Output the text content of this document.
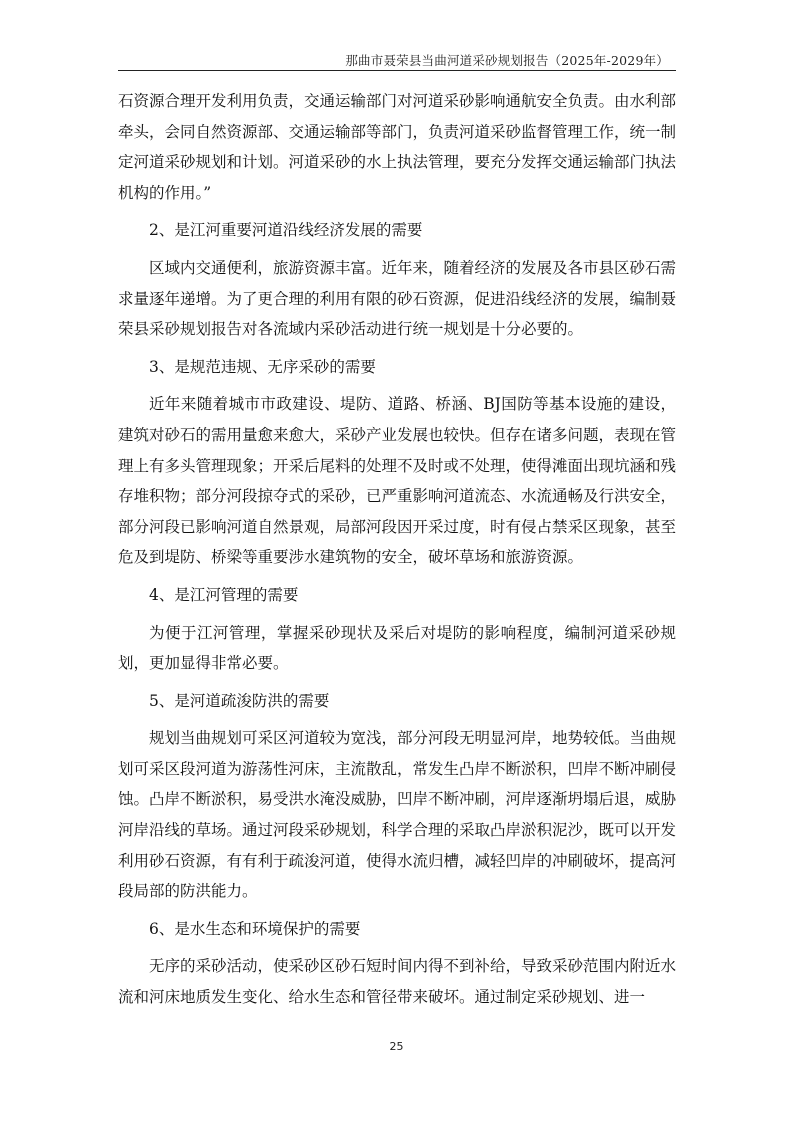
那曲市聂荣县当曲河道采砂规划报告（2025年-2029年）

石资源合理开发利用负责，交通运输部门对河道采砂影响通航安全负责。由水利部牵头，会同自然资源部、交通运输部等部门，负责河道采砂监督管理工作，统一制定河道采砂规划和计划。河道采砂的水上执法管理，要充分发挥交通运输部门执法机构的作用。”

2、是江河重要河道沿线经济发展的需要

区域内交通便利，旅游资源丰富。近年来，随着经济的发展及各市县区砂石需求量逐年递增。为了更合理的利用有限的砂石资源，促进沿线经济的发展，编制聂荣县采砂规划报告对各流域内采砂活动进行统一规划是十分必要的。

3、是规范违规、无序采砂的需要

近年来随着城市市政建设、堤防、道路、桥涵、BJ国防等基本设施的建设，建筑对砂石的需用量愈来愈大，采砂产业发展也较快。但存在诸多问题，表现在管理上有多头管理现象；开采后尾料的处理不及时或不处理，使得滩面出现坑涵和残存堆积物；部分河段掠夺式的采砂，已严重影响河道流态、水流通畅及行洪安全，部分河段已影响河道自然景观，局部河段因开采过度，时有侵占禁采区现象，甚至危及到堤防、桥梁等重要涉水建筑物的安全，破坏草场和旅游资源。

4、是江河管理的需要

为便于江河管理，掌握采砂现状及采后对堤防的影响程度，编制河道采砂规划，更加显得非常必要。

5、是河道疏浚防洪的需要

规划当曲规划可采区河道较为宽浅，部分河段无明显河岸，地势较低。当曲规划可采区段河道为游荡性河床，主流散乱，常发生凸岸不断淤积，凹岸不断冲刷侵蚀。凸岸不断淤积，易受洪水淹没威胁，凹岸不断冲刷，河岸逐渐坍塌后退，威胁河岸沿线的草场。通过河段采砂规划，科学合理的采取凸岸淤积泥沙，既可以开发利用砂石资源，有有利于疏浚河道，使得水流归槽，减轻凹岸的冲刷破坏，提高河段局部的防洪能力。

6、是水生态和环境保护的需要

无序的采砂活动，使采砂区砂石短时间内得不到补给，导致采砂范围内附近水流和河床地质发生变化、给水生态和管径带来破坏。通过制定采砂规划、进一

25
